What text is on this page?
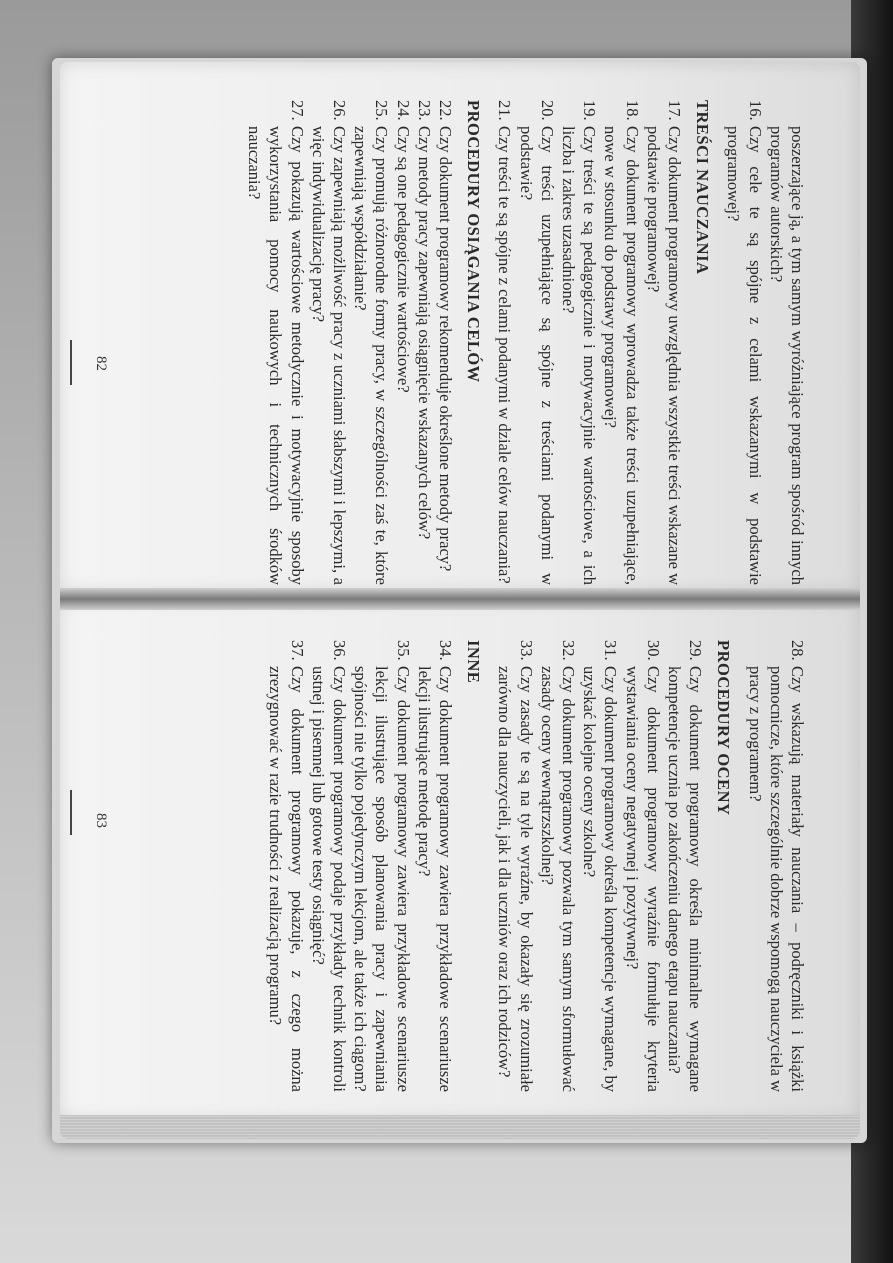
poszerzające ją, a tym samym wyróżniające program spośród innych programów autorskich?

16.
Czy cele te są spójne z celami wskazanymi w podstawie programowej?
TREŚCI NAUCZANIA
17.
Czy dokument programowy uwzględnia wszystkie treści wskazane w podstawie programowej?
18.
Czy dokument programowy wprowadza także treści uzupełniające, nowe w stosunku do podstawy programowej?
19.
Czy treści te są pedagogicznie i motywacyjnie wartościowe, a ich liczba i zakres uzasadnione?
20.
Czy treści uzupełniające są spójne z treściami podanymi w podstawie?
21.
Czy treści te są spójne z celami podanymi w dziale celów nauczania?
PROCEDURY OSIĄGANIA CELÓW
22.
Czy dokument programowy rekomenduje określone metody pracy?
23.
Czy metody pracy zapewniają osiągnięcie wskazanych celów?
24.
Czy są one pedagogicznie wartościowe?
25.
Czy promują różnorodne formy pracy, w szczególności zaś te, które zapewniają współdziałanie?
26.
Czy zapewniają możliwość pracy z uczniami słabszymi i lepszymi, a więc indywidualizację pracy?
27.
Czy pokazują wartościowe metodycznie i motywacyjnie sposoby wykorzystania pomocy naukowych i technicznych środków nauczania?
82
28.
Czy wskazują materiały nauczania – podręczniki i książki pomocnicze, które szczególnie dobrze wspomogą nauczyciela w pracy z programem?
PROCEDURY OCENY
29.
Czy dokument programowy określa minimalne wymagane kompetencje ucznia po zakończeniu danego etapu nauczania?
30.
Czy dokument programowy wyraźnie formułuje kryteria wystawiania oceny negatywnej i pozytywnej?
31.
Czy dokument programowy określa kompetencje wymagane, by uzyskać kolejne oceny szkolne?
32.
Czy dokument programowy pozwala tym samym sformułować zasady oceny wewnątrzszkolnej?
33.
Czy zasady te są na tyle wyraźne, by okazały się zrozumiałe zarówno dla nauczycieli, jak i dla uczniów oraz ich rodziców?
INNE
34.
Czy dokument programowy zawiera przykładowe scenariusze lekcji ilustrujące metodę pracy?
35.
Czy dokument programowy zawiera przykładowe scenariusze lekcji ilustrujące sposób planowania pracy i zapewniania spójności nie tylko pojedynczym lekcjom, ale także ich ciągom?
36.
Czy dokument programowy podaje przykłady technik kontroli ustnej i pisemnej lub gotowe testy osiągnięć?
37.
Czy dokument programowy pokazuje, z czego można zrezygnować w razie trudności z realizacją programu?
83
